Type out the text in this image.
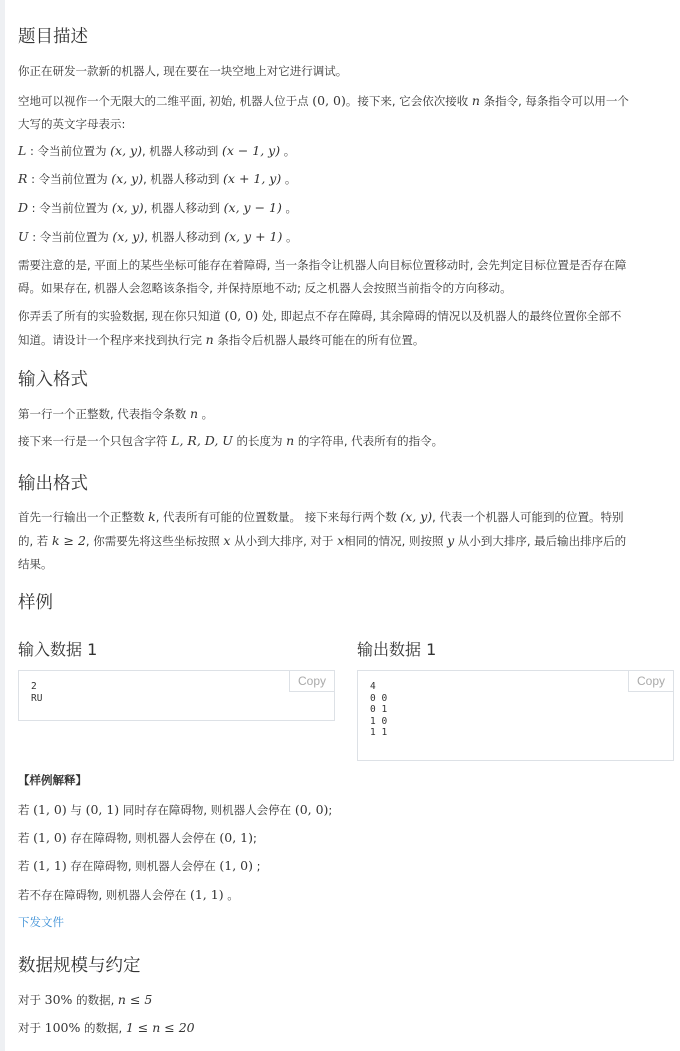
题目描述
你正在研发一款新的机器人, 现在要在一块空地上对它进行调试。
空地可以视作一个无限大的二维平面, 初始, 机器人位于点 (0, 0)。接下来, 它会依次接收 n 条指令, 每条指令可以用一个
大写的英文字母表示:
L : 令当前位置为 (x, y), 机器人移动到 (x − 1, y) 。
R : 令当前位置为 (x, y), 机器人移动到 (x + 1, y) 。
D : 令当前位置为 (x, y), 机器人移动到 (x, y − 1) 。
U : 令当前位置为 (x, y), 机器人移动到 (x, y + 1) 。
需要注意的是, 平面上的某些坐标可能存在着障碍, 当一条指令让机器人向目标位置移动时, 会先判定目标位置是否存在障
碍。如果存在, 机器人会忽略该条指令, 并保持原地不动; 反之机器人会按照当前指令的方向移动。
你弄丢了所有的实验数据, 现在你只知道 (0, 0) 处, 即起点不存在障碍, 其余障碍的情况以及机器人的最终位置你全部不
知道。请设计一个程序来找到执行完 n 条指令后机器人最终可能在的所有位置。
输入格式
第一行一个正整数, 代表指令条数 n 。
接下来一行是一个只包含字符 L, R, D, U 的长度为 n 的字符串, 代表所有的指令。
输出格式
首先一行输出一个正整数 k, 代表所有可能的位置数量。 接下来每行两个数 (x, y), 代表一个机器人可能到的位置。特别
的, 若 k ≥ 2, 你需要先将这些坐标按照 x 从小到大排序, 对于 x相同的情况, 则按照 y 从小到大排序, 最后输出排序后的
结果。
样例
输入数据 1	输出数据 1
Copy
2
RU
Copy
4
0 0
0 1
1 0
1 1
【样例解释】
若 (1, 0) 与 (0, 1) 同时存在障碍物, 则机器人会停在 (0, 0);
若 (1, 0) 存在障碍物, 则机器人会停在 (0, 1);
若 (1, 1) 存在障碍物, 则机器人会停在 (1, 0) ;
若不存在障碍物, 则机器人会停在 (1, 1) 。
下发文件
数据规模与约定
对于 30% 的数据, n ≤ 5
对于 100% 的数据, 1 ≤ n ≤ 20
